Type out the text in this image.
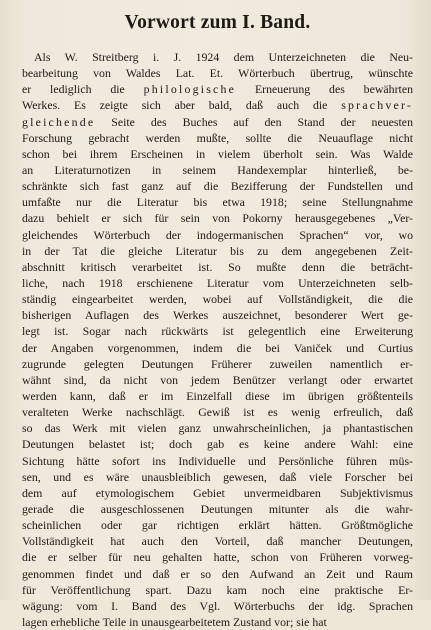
Vorwort zum I. Band.
Als W. Streitberg i. J. 1924 dem Unterzeichneten die Neu-
bearbeitung von Waldes Lat. Et. Wörterbuch übertrug, wünschte
er lediglich die philologische Erneuerung des bewährten
Werkes. Es zeigte sich aber bald, daß auch die sprachver-
gleichende Seite des Buches auf den Stand der neuesten
Forschung gebracht werden mußte, sollte die Neuauflage nicht
schon bei ihrem Erscheinen in vielem überholt sein. Was Walde
an Literaturnotizen in seinem Handexemplar hinterließ, be-
schränkte sich fast ganz auf die Bezifferung der Fundstellen und
umfaßte nur die Literatur bis etwa 1918; seine Stellungnahme
dazu behielt er sich für sein von Pokorny herausgegebenes „Ver-
gleichendes Wörterbuch der indogermanischen Sprachen“ vor, wo
in der Tat die gleiche Literatur bis zu dem angegebenen Zeit-
abschnitt kritisch verarbeitet ist. So mußte denn die beträcht-
liche, nach 1918 erschienene Literatur vom Unterzeichneten selb-
ständig eingearbeitet werden, wobei auf Vollständigkeit, die die
bisherigen Auflagen des Werkes auszeichnet, besonderer Wert ge-
legt ist. Sogar nach rückwärts ist gelegentlich eine Erweiterung
der Angaben vorgenommen, indem die bei Vaniček und Curtius
zugrunde gelegten Deutungen Früherer zuweilen namentlich er-
wähnt sind, da nicht von jedem Benützer verlangt oder erwartet
werden kann, daß er im Einzelfall diese im übrigen größtenteils
veralteten Werke nachschlägt. Gewiß ist es wenig erfreulich, daß
so das Werk mit vielen ganz unwahrscheinlichen, ja phantastischen
Deutungen belastet ist; doch gab es keine andere Wahl: eine
Sichtung hätte sofort ins Individuelle und Persönliche führen müs-
sen, und es wäre unausbleiblich gewesen, daß viele Forscher bei
dem auf etymologischem Gebiet unvermeidbaren Subjektivismus
gerade die ausgeschlossenen Deutungen mitunter als die wahr-
scheinlichen oder gar richtigen erklärt hätten. Größtmögliche
Vollständigkeit hat auch den Vorteil, daß mancher Deutungen,
die er selber für neu gehalten hatte, schon von Früheren vorweg-
genommen findet und daß er so den Aufwand an Zeit und Raum
für Veröffentlichung spart. Dazu kam noch eine praktische Er-
wägung: vom I. Band des Vgl. Wörterbuchs der idg. Sprachen
lagen erhebliche Teile in unausgearbeitetem Zustand vor; sie hat
